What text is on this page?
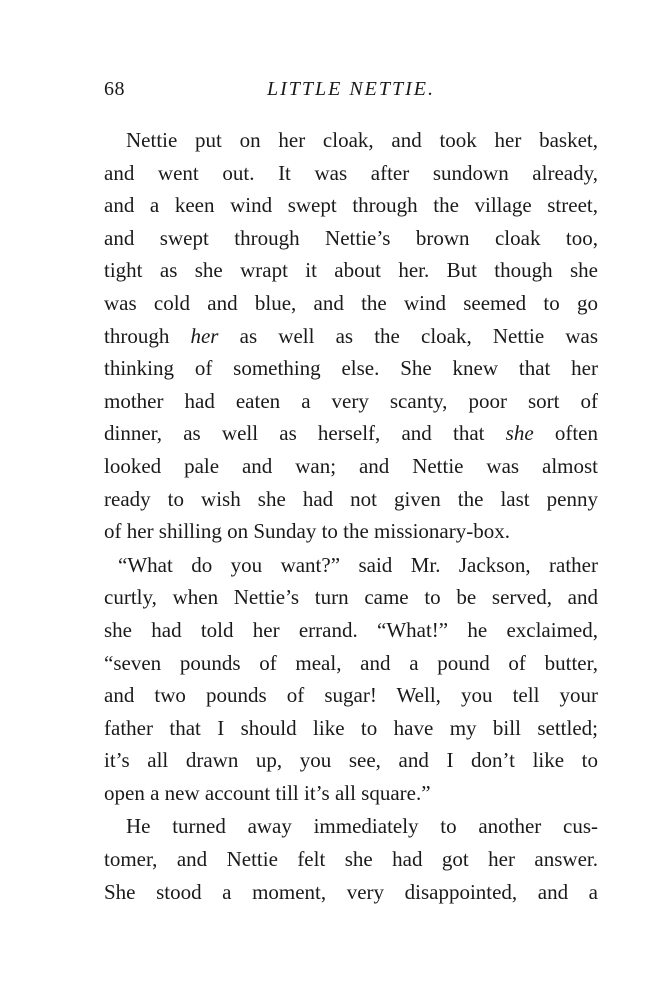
68	LITTLE NETTIE.
Nettie put on her cloak, and took her basket,
and went out. It was after sundown already,
and a keen wind swept through the village street,
and swept through Nettie’s brown cloak too,
tight as she wrapt it about her. But though she
was cold and blue, and the wind seemed to go
through her as well as the cloak, Nettie was
thinking of something else. She knew that her
mother had eaten a very scanty, poor sort of
dinner, as well as herself, and that she often
looked pale and wan; and Nettie was almost
ready to wish she had not given the last penny
of her shilling on Sunday to the missionary-box.
“What do you want?” said Mr. Jackson, rather
curtly, when Nettie’s turn came to be served, and
she had told her errand. “What!” he exclaimed,
“seven pounds of meal, and a pound of butter,
and two pounds of sugar! Well, you tell your
father that I should like to have my bill settled;
it’s all drawn up, you see, and I don’t like to
open a new account till it’s all square.”
He turned away immediately to another cus-
tomer, and Nettie felt she had got her answer.
She stood a moment, very disappointed, and a
